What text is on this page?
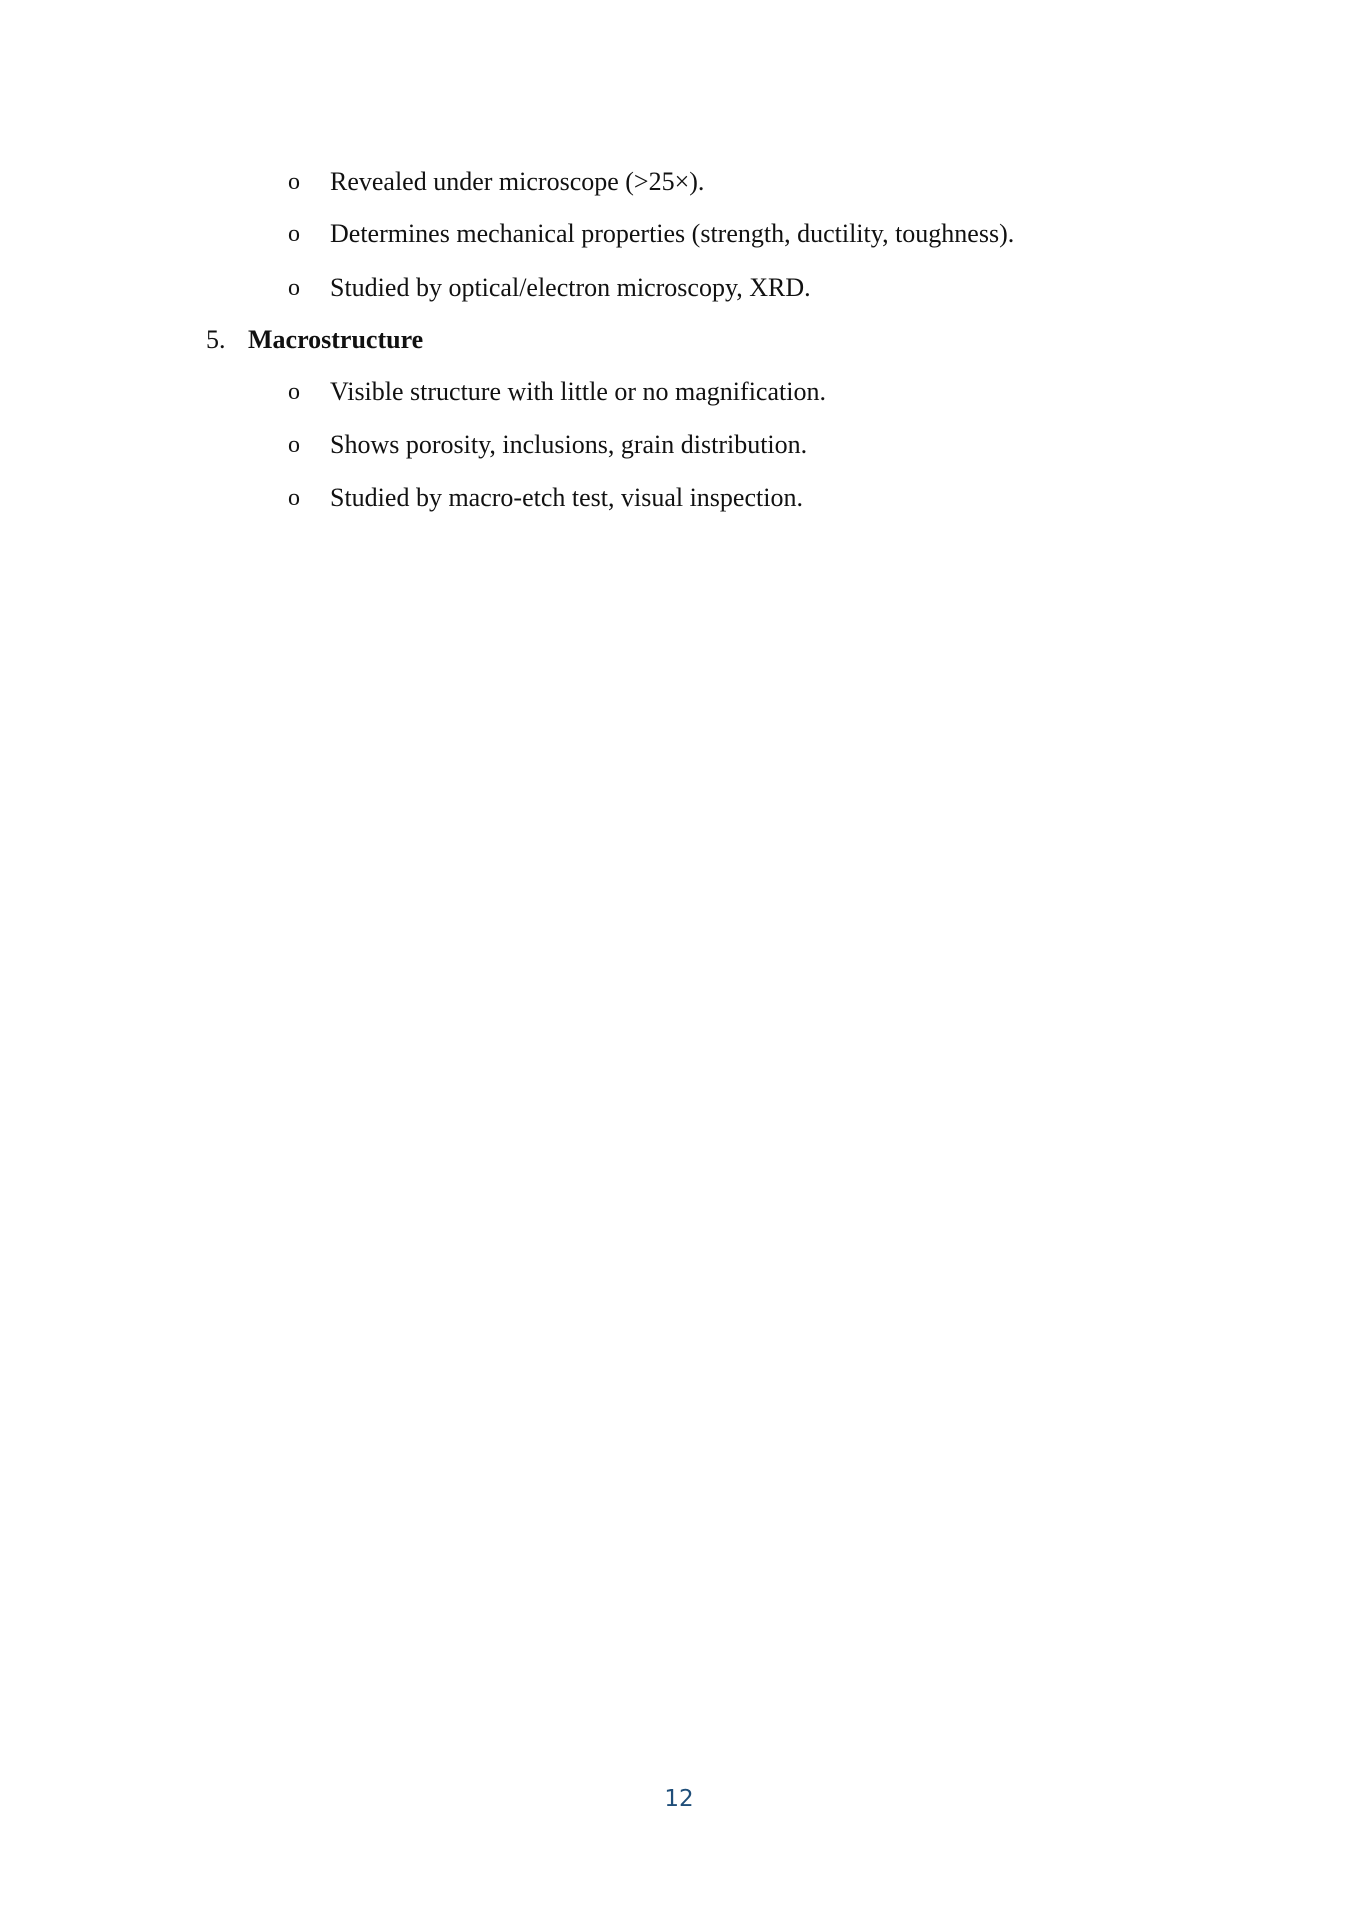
o Revealed under microscope (>25×).
o Determines mechanical properties (strength, ductility, toughness).
o Studied by optical/electron microscopy, XRD.
5. Macrostructure
o Visible structure with little or no magnification.
o Shows porosity, inclusions, grain distribution.
o Studied by macro-etch test, visual inspection.
12
